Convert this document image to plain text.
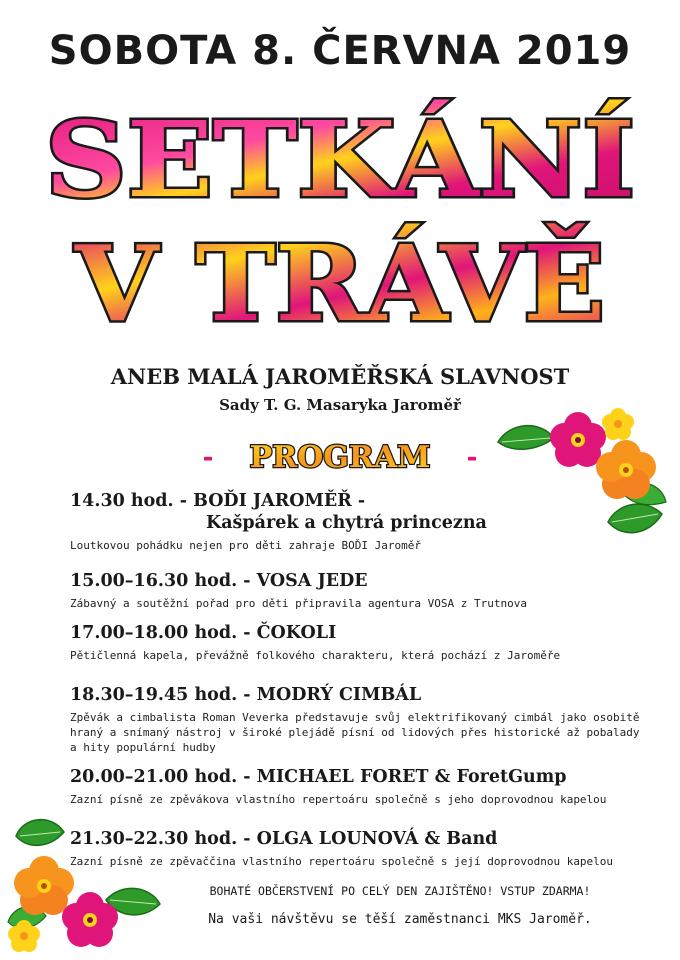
SOBOTA 8. ČERVNA 2019
SETKÁNÍ
V TRÁVĚ
ANEB MALÁ JAROMĚŘSKÁ SLAVNOST
Sady T. G. Masaryka Jaroměř
- PROGRAM -
14.30 hod. - BOĎI JAROMĚŘ -
Kašpárek a chytrá princezna
Loutkovou pohádku nejen pro děti zahraje BOĎI Jaroměř
15.00–16.30 hod. - VOSA JEDE
Zábavný a soutěžní pořad pro děti připravila agentura VOSA z Trutnova
17.00–18.00 hod. - ČOKOLI
Pětičlenná kapela, převážně folkového charakteru, která pochází z Jaroměře
18.30–19.45 hod. - MODRÝ CIMBÁL
Zpěvák a cimbalista Roman Veverka představuje svůj elektrifikovaný cimbál jako osobitě
hraný a snímaný nástroj v široké plejádě písní od lidových přes historické až pobalady
a hity populární hudby
20.00–21.00 hod. - MICHAEL FORET & ForetGump
Zazní písně ze zpěvákova vlastního repertoáru společně s jeho doprovodnou kapelou
21.30–22.30 hod. - OLGA LOUNOVÁ & Band
Zazní písně ze zpěvaččina vlastního repertoáru společně s její doprovodnou kapelou
BOHATÉ OBČERSTVENÍ PO CELÝ DEN ZAJIŠTĚNO! VSTUP ZDARMA!
Na vaši návštěvu se těší zaměstnanci MKS Jaroměř.
